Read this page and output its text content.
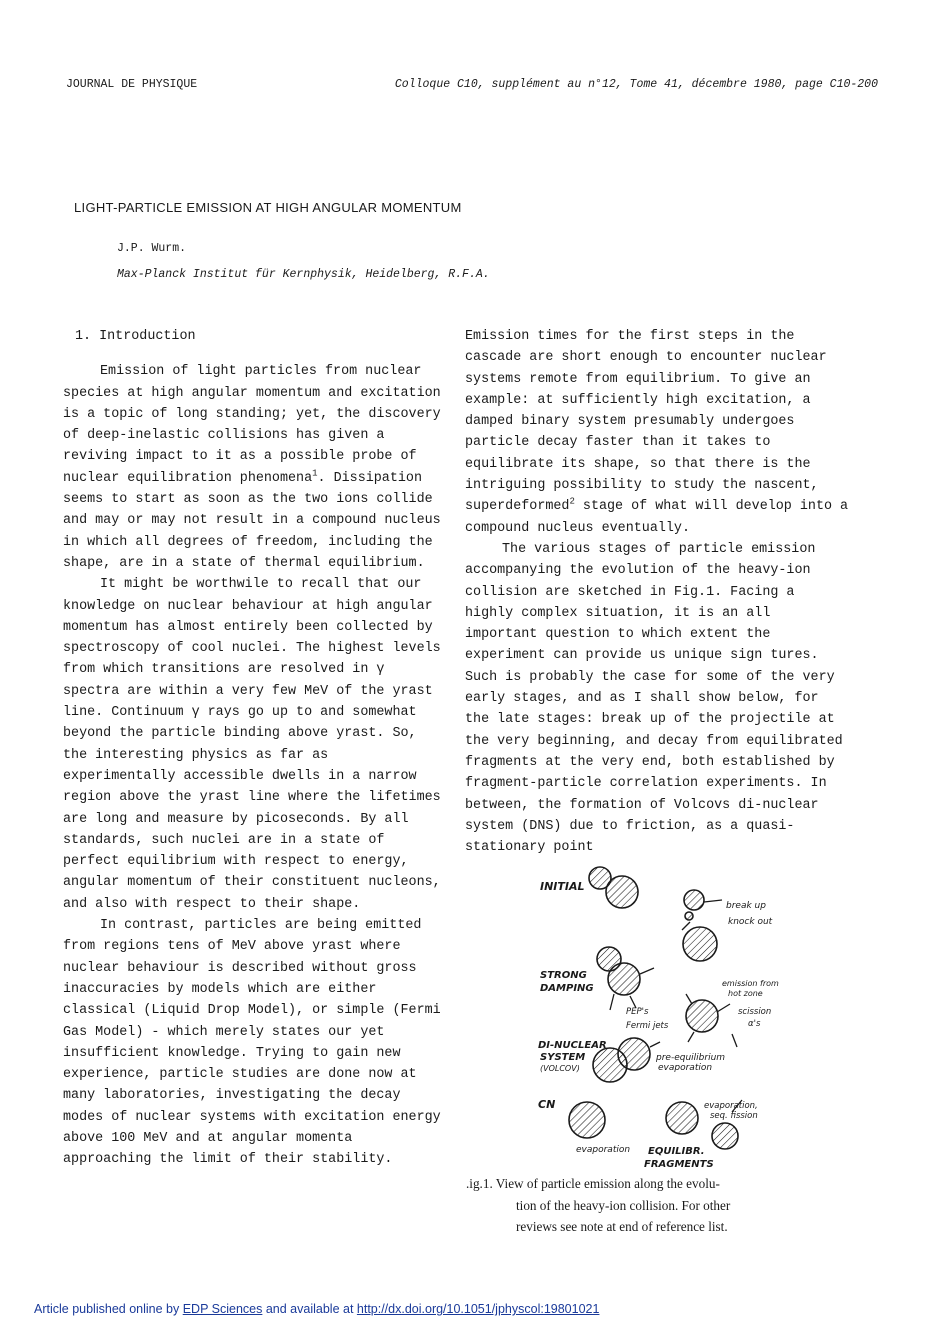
JOURNAL DE PHYSIQUE	Colloque C10, supplément au n°12, Tome 41, décembre 1980, page C10-200
LIGHT-PARTICLE EMISSION AT HIGH ANGULAR MOMENTUM
J.P. Wurm.
Max-Planck Institut für Kernphysik, Heidelberg, R.F.A.

1. Introduction

Emission of light particles from nuclear species at high angular momentum and excitation is a topic of long standing; yet, the discovery of deep-inelastic collisions has given a reviving impact to it as a possible probe of nuclear equilibration phenomena$^1$. Dissipation seems to start as soon as the two ions collide and may or may not result in a compound nucleus in which all degrees of freedom, including the shape, are in a state of thermal equilibrium.

It might be worthwile to recall that our knowledge on nuclear behaviour at high angular momentum has almost entirely been collected by spectroscopy of cool nuclei. The highest levels from which transitions are resolved in γ spectra are within a very few MeV of the yrast line. Continuum γ rays go up to and somewhat beyond the particle binding above yrast. So, the interesting physics as far as experimentally accessible dwells in a narrow region above the yrast line where the lifetimes are long and measure by picoseconds. By all standards, such nuclei are in a state of perfect equilibrium with respect to energy, angular momentum of their constituent nucleons, and also with respect to their shape.

In contrast, particles are being emitted from regions tens of MeV above yrast where nuclear behaviour is described without gross inaccuracies by models which are either classical (Liquid Drop Model), or simple (Fermi Gas Model) - which merely states our yet insufficient knowledge. Trying to gain new experience, particle studies are done now at many laboratories, investigating the decay modes of nuclear systems with excitation energy above 100 MeV and at angular momenta approaching the limit of their stability.

Emission times for the first steps in the cascade are short enough to encounter nuclear systems remote from equilibrium. To give an example: at sufficiently high excitation, a damped binary system presumably undergoes particle decay faster than it takes to equilibrate its shape, so that there is the intriguing possibility to study the nascent, superdeformed$^2$ stage of what will develop into a compound nucleus eventually.

The various stages of particle emission accompanying the evolution of the heavy-ion collision are sketched in Fig.1. Facing a highly complex situation, it is an all important question to which extent the experiment can provide us unique sign tures. Such is probably the case for some of the very early stages, and as I shall show below, for the late stages: break up of the projectile at the very beginning, and decay from equilibrated fragments at the very end, both established by fragment-particle correlation experiments. In between, the formation of Volcovs di-nuclear system (DNS) due to friction, as a quasi-stationary point

INITIAL
break up
knock out
STRONG
DAMPING	emission from
hot zone
PEP's
Fermi jets
scission
α's
DI-NUCLEAR
SYSTEM
(VOLCOV)
pre-equilibrium
evaporation
CN
evaporation
evaporation,
seq. fission
EQUILIBR.
FRAGMENTS
.ig.1. View of particle emission along the evolu-
tion of the heavy-ion collision. For other
reviews see note at end of reference list.
Article published online by EDP Sciences and available at http://dx.doi.org/10.1051/jphyscol:19801021
